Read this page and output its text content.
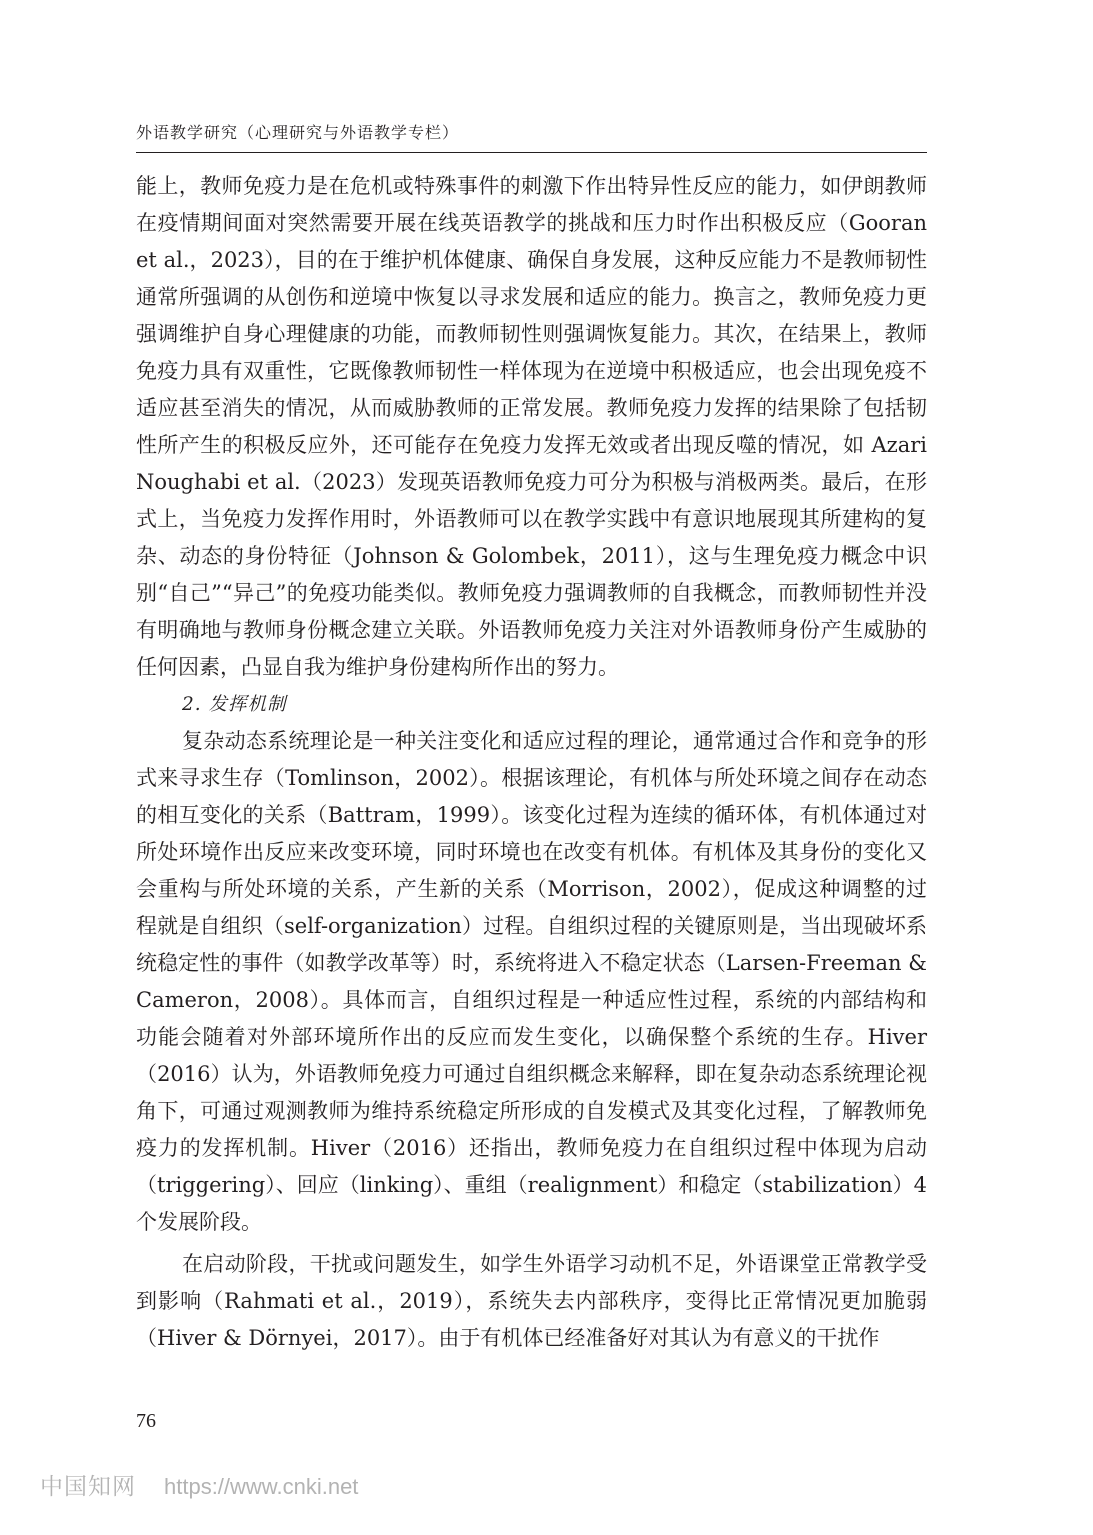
外语教学研究（心理研究与外语教学专栏）

能上，教师免疫力是在危机或特殊事件的刺激下作出特异性反应的能力，如伊朗教师在疫情期间面对突然需要开展在线英语教学的挑战和压力时作出积极反应（Gooran et al.，2023），目的在于维护机体健康、确保自身发展，这种反应能力不是教师韧性通常所强调的从创伤和逆境中恢复以寻求发展和适应的能力。换言之，教师免疫力更强调维护自身心理健康的功能，而教师韧性则强调恢复能力。其次，在结果上，教师免疫力具有双重性，它既像教师韧性一样体现为在逆境中积极适应，也会出现免疫不适应甚至消失的情况，从而威胁教师的正常发展。教师免疫力发挥的结果除了包括韧性所产生的积极反应外，还可能存在免疫力发挥无效或者出现反噬的情况，如 Azari Noughabi et al.（2023）发现英语教师免疫力可分为积极与消极两类。最后，在形式上，当免疫力发挥作用时，外语教师可以在教学实践中有意识地展现其所建构的复杂、动态的身份特征（Johnson & Golombek，2011），这与生理免疫力概念中识别“自己”“异己”的免疫功能类似。教师免疫力强调教师的自我概念，而教师韧性并没有明确地与教师身份概念建立关联。外语教师免疫力关注对外语教师身份产生威胁的任何因素，凸显自我为维护身份建构所作出的努力。

2. 发挥机制

复杂动态系统理论是一种关注变化和适应过程的理论，通常通过合作和竞争的形式来寻求生存（Tomlinson，2002）。根据该理论，有机体与所处环境之间存在动态的相互变化的关系（Battram，1999）。该变化过程为连续的循环体，有机体通过对所处环境作出反应来改变环境，同时环境也在改变有机体。有机体及其身份的变化又会重构与所处环境的关系，产生新的关系（Morrison，2002），促成这种调整的过程就是自组织（self-organization）过程。自组织过程的关键原则是，当出现破坏系统稳定性的事件（如教学改革等）时，系统将进入不稳定状态（Larsen-Freeman & Cameron，2008）。具体而言，自组织过程是一种适应性过程，系统的内部结构和功能会随着对外部环境所作出的反应而发生变化，以确保整个系统的生存。Hiver（2016）认为，外语教师免疫力可通过自组织概念来解释，即在复杂动态系统理论视角下，可通过观测教师为维持系统稳定所形成的自发模式及其变化过程，了解教师免疫力的发挥机制。Hiver（2016）还指出，教师免疫力在自组织过程中体现为启动（triggering）、回应（linking）、重组（realignment）和稳定（stabilization）4 个发展阶段。

在启动阶段，干扰或问题发生，如学生外语学习动机不足，外语课堂正常教学受到影响（Rahmati et al.，2019），系统失去内部秩序，变得比正常情况更加脆弱（Hiver & Dörnyei，2017）。由于有机体已经准备好对其认为有意义的干扰作

76
中国知网 https://www.cnki.net
